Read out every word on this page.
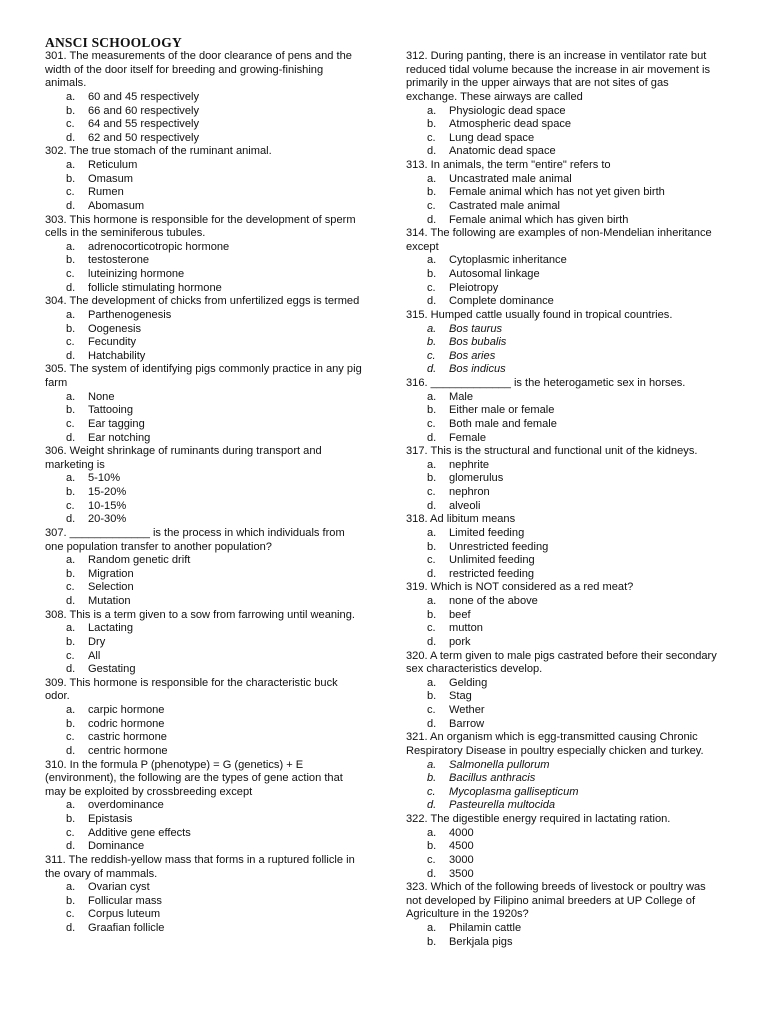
ANSCI SCHOOLOGY
301. The measurements of the door clearance of pens and the width of the door itself for breeding and growing-finishing animals.
a.	60 and 45 respectively
b.	66 and 60 respectively
c.	64 and 55 respectively
d.	62 and 50 respectively
302. The true stomach of the ruminant animal.
a.	Reticulum
b.	Omasum
c.	Rumen
d.	Abomasum
303. This hormone is responsible for the development of sperm cells in the seminiferous tubules.
a.	adrenocorticotropic hormone
b.	testosterone
c.	luteinizing hormone
d.	follicle stimulating hormone
304. The development of chicks from unfertilized eggs is termed
a.	Parthenogenesis
b.	Oogenesis
c.	Fecundity
d.	Hatchability
305. The system of identifying pigs commonly practice in any pig farm
a.	None
b.	Tattooing
c.	Ear tagging
d.	Ear notching
306. Weight shrinkage of ruminants during transport and marketing is
a.	5-10%
b.	15-20%
c.	10-15%
d.	20-30%
307. _____________ is the process in which individuals from one population transfer to another population?
a.	Random genetic drift
b.	Migration
c.	Selection
d.	Mutation
308. This is a term given to a sow from farrowing until weaning.
a.	Lactating
b.	Dry
c.	All
d.	Gestating
309. This hormone is responsible for the characteristic buck odor.
a.	carpic hormone
b.	codric hormone
c.	castric hormone
d.	centric hormone
310. In the formula P (phenotype) = G (genetics) + E (environment), the following are the types of gene action that may be exploited by crossbreeding except
a.	overdominance
b.	Epistasis
c.	Additive gene effects
d.	Dominance
311. The reddish-yellow mass that forms in a ruptured follicle in the ovary of mammals.
a.	Ovarian cyst
b.	Follicular mass
c.	Corpus luteum
d.	Graafian follicle
312. During panting, there is an increase in ventilator rate but reduced tidal volume because the increase in air movement is primarily in the upper airways that are not sites of gas exchange. These airways are called
a.	Physiologic dead space
b.	Atmospheric dead space
c.	Lung dead space
d.	Anatomic dead space
313. In animals, the term "entire" refers to
a.	Uncastrated male animal
b.	Female animal which has not yet given birth
c.	Castrated male animal
d.	Female animal which has given birth
314. The following are examples of non-Mendelian inheritance except
a.	Cytoplasmic inheritance
b.	Autosomal linkage
c.	Pleiotropy
d.	Complete dominance
315. Humped cattle usually found in tropical countries.
a.	Bos taurus
b.	Bos bubalis
c.	Bos aries
d.	Bos indicus
316. _____________ is the heterogametic sex in horses.
a.	Male
b.	Either male or female
c.	Both male and female
d.	Female
317. This is the structural and functional unit of the kidneys.
a.	nephrite
b.	glomerulus
c.	nephron
d.	alveoli
318. Ad libitum means
a.	Limited feeding
b.	Unrestricted feeding
c.	Unlimited feeding
d.	restricted feeding
319. Which is NOT considered as a red meat?
a.	none of the above
b.	beef
c.	mutton
d.	pork
320. A term given to male pigs castrated before their secondary sex characteristics develop.
a.	Gelding
b.	Stag
c.	Wether
d.	Barrow
321. An organism which is egg-transmitted causing Chronic Respiratory Disease in poultry especially chicken and turkey.
a.	Salmonella pullorum
b.	Bacillus anthracis
c.	Mycoplasma gallisepticum
d.	Pasteurella multocida
322. The digestible energy required in lactating ration.
a.	4000
b.	4500
c.	3000
d.	3500
323. Which of the following breeds of livestock or poultry was not developed by Filipino animal breeders at UP College of Agriculture in the 1920s?
a.	Philamin cattle
b.	Berkjala pigs
